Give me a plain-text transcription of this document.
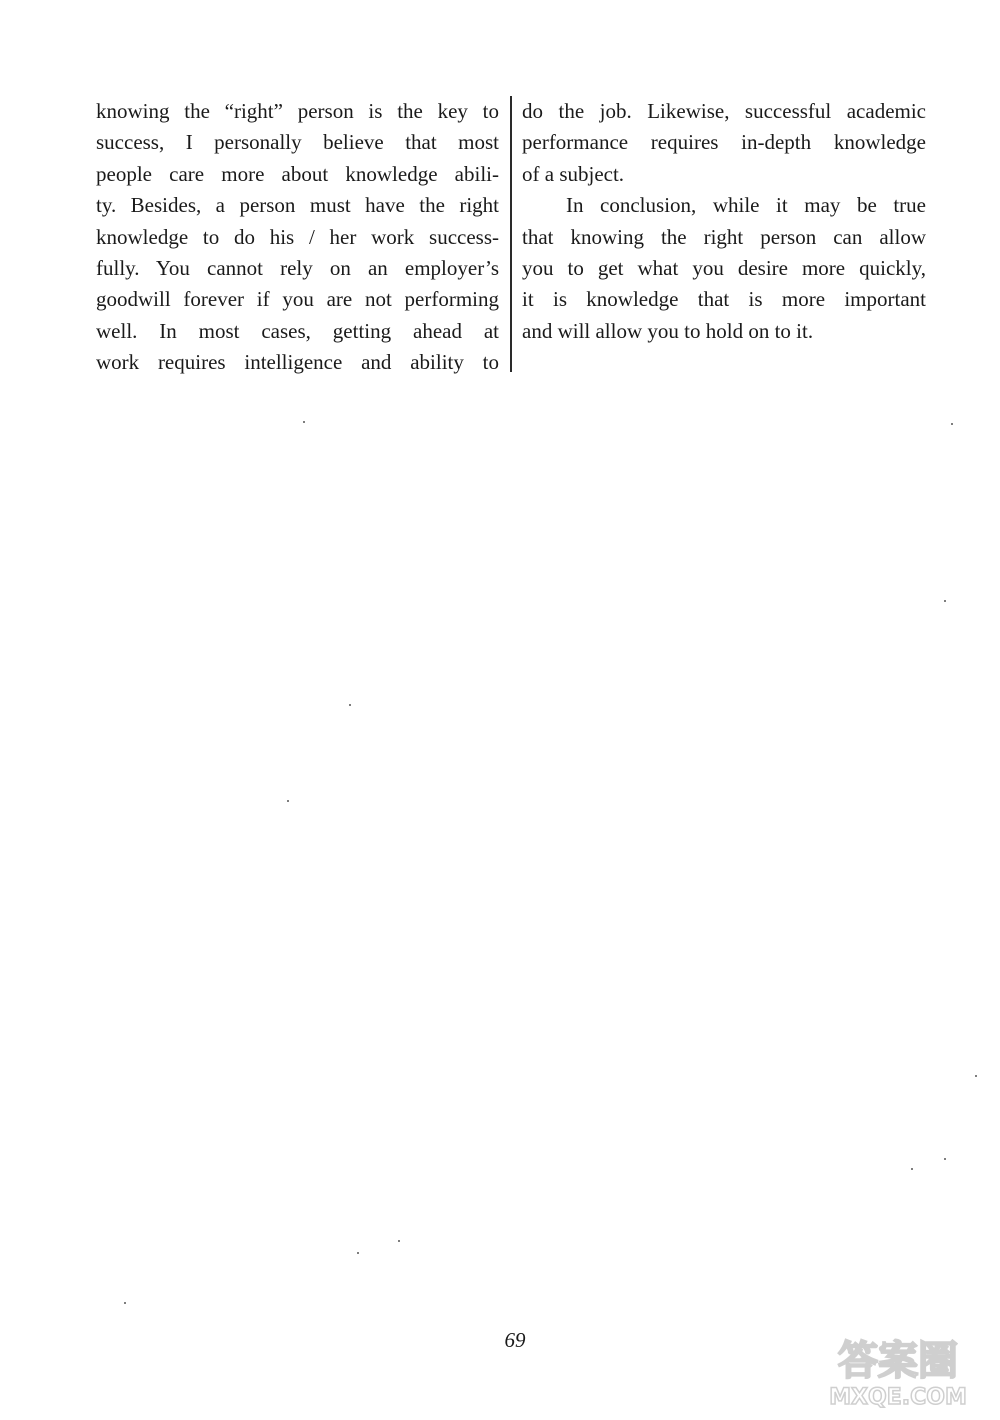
knowing the “right” person is the key to
success, I personally believe that most
people care more about knowledge abili-
ty. Besides, a person must have the right
knowledge to do his / her work success-
fully. You cannot rely on an employer’s
goodwill forever if you are not performing
well. In most cases, getting ahead at
work requires intelligence and ability to
do the job. Likewise, successful academic
performance requires in-depth knowledge
of a subject.
In conclusion, while it may be true
that knowing the right person can allow
you to get what you desire more quickly,
it is knowledge that is more important
and will allow you to hold on to it.
69	答案圈
MXQE.COM
